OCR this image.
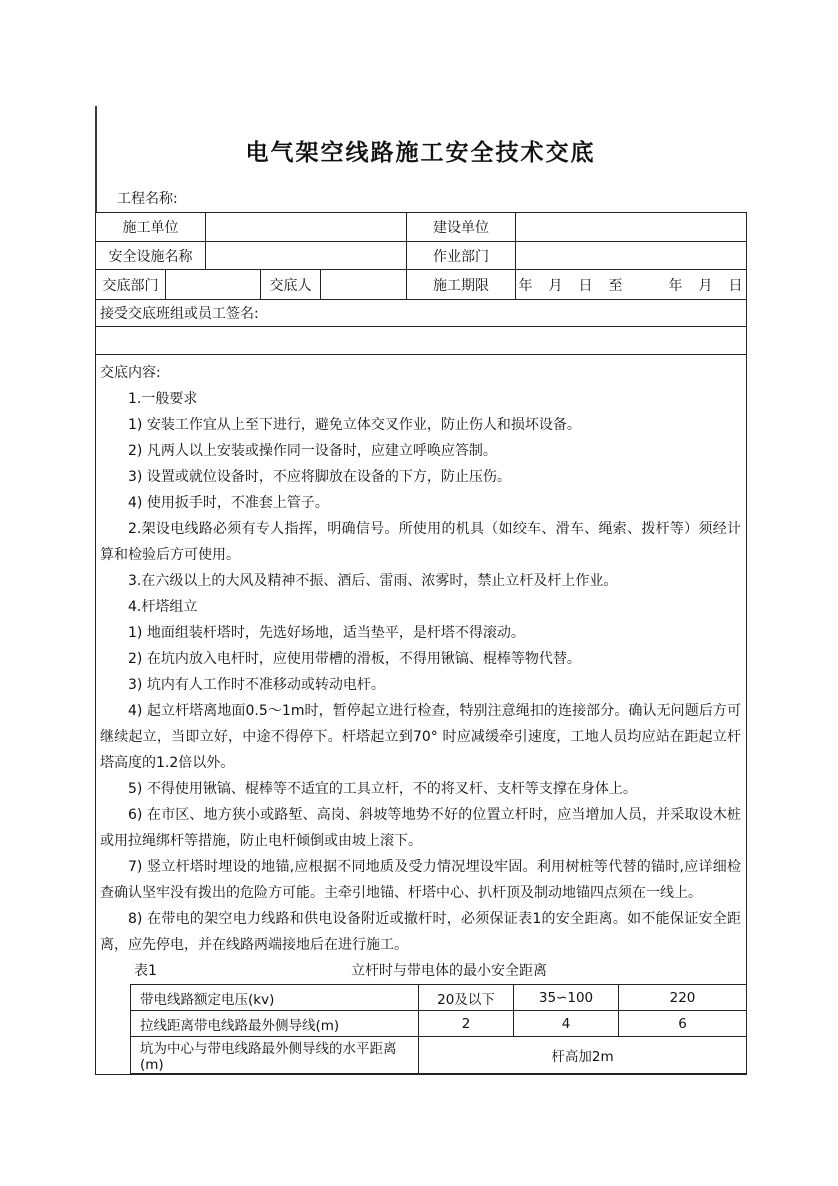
电气架空线路施工安全技术交底
工程名称:
施工单位		建设单位	
安全设施名称		作业部门	
交底部门		交底人		施工期限	年　月　日　至　　　年　月　日
接受交底班组或员工签名:

交底内容:

1.一般要求

1) 安装工作宜从上至下进行，避免立体交叉作业，防止伤人和损坏设备。

2) 凡两人以上安装或操作同一设备时，应建立呼唤应答制。

3) 设置或就位设备时，不应将脚放在设备的下方，防止压伤。

4) 使用扳手时，不准套上管子。

2.架设电线路必须有专人指挥，明确信号。所使用的机具（如绞车、滑车、绳索、拨杆等）须经计算和检验后方可使用。

3.在六级以上的大风及精神不振、酒后、雷雨、浓雾时，禁止立杆及杆上作业。

4.杆塔组立

1) 地面组装杆塔时，先选好场地，适当垫平，是杆塔不得滚动。

2) 在坑内放入电杆时，应使用带槽的滑板，不得用锹镐、棍棒等物代替。

3) 坑内有人工作时不准移动或转动电杆。

4) 起立杆塔离地面0.5～1m时，暂停起立进行检查，特别注意绳扣的连接部分。确认无问题后方可继续起立，当即立好，中途不得停下。杆塔起立到70° 时应减缓牵引速度，工地人员均应站在距起立杆塔高度的1.2倍以外。

5) 不得使用锹镐、棍棒等不适宜的工具立杆，不的将叉杆、支杆等支撑在身体上。

6) 在市区、地方狭小或路堑、高岗、斜坡等地势不好的位置立杆时，应当增加人员，并采取设木桩或用拉绳绑杆等措施，防止电杆倾倒或由坡上滚下。

7) 竖立杆塔时埋设的地锚,应根据不同地质及受力情况埋设牢固。利用树桩等代替的锚时,应详细检查确认坚牢没有拨出的危险方可能。主牵引地锚、杆塔中心、扒杆顶及制动地锚四点须在一线上。

8) 在带电的架空电力线路和供电设备附近或撤杆时，必须保证表1的安全距离。如不能保证安全距离，应先停电，并在线路两端接地后在进行施工。

表1	立杆时与带电体的最小安全距离
带电线路额定电压(kv)	20及以下	35∽100	220
拉线距离带电线路最外侧导线(m)	2	4	6
坑为中心与带电线路最外侧导线的水平距离(m)	杆高加2m
